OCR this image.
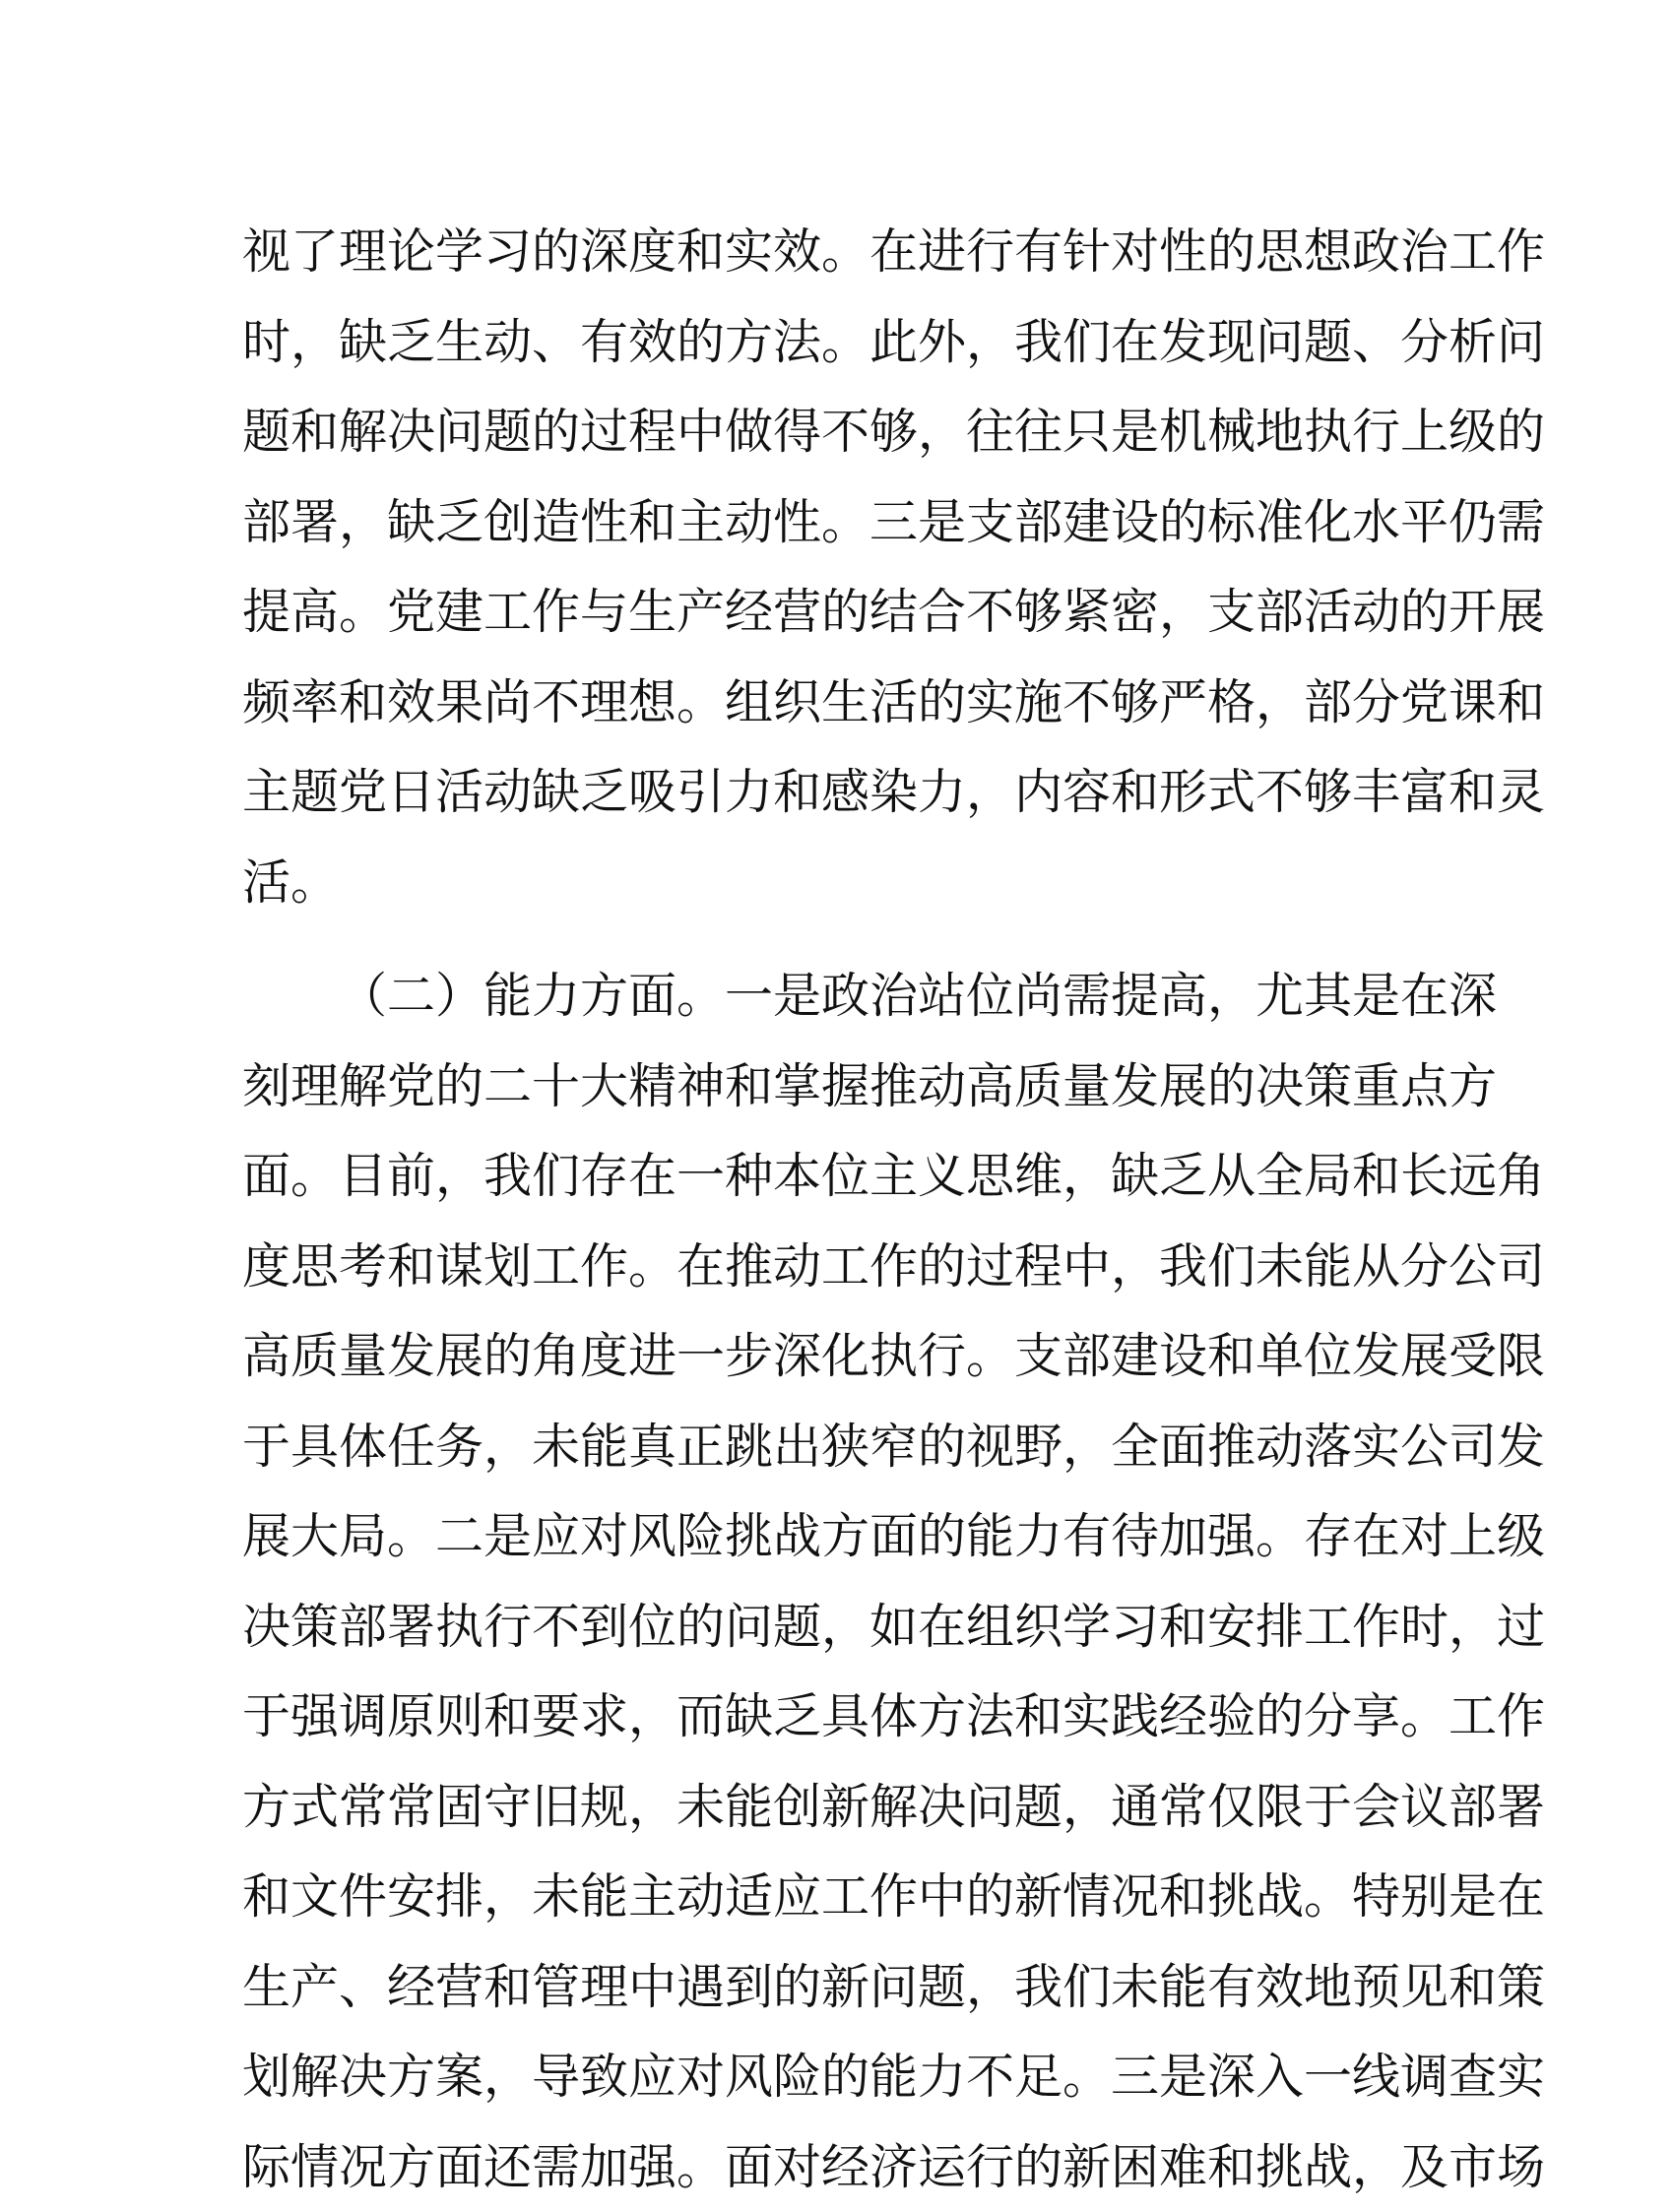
视了理论学习的深度和实效。在进行有针对性的思想政治工作
时，缺乏生动、有效的方法。此外，我们在发现问题、分析问
题和解决问题的过程中做得不够，往往只是机械地执行上级的
部署，缺乏创造性和主动性。三是支部建设的标准化水平仍需
提高。党建工作与生产经营的结合不够紧密，支部活动的开展
频率和效果尚不理想。组织生活的实施不够严格，部分党课和
主题党日活动缺乏吸引力和感染力，内容和形式不够丰富和灵
活。
（二）能力方面。一是政治站位尚需提高，尤其是在深
刻理解党的二十大精神和掌握推动高质量发展的决策重点方
面。目前，我们存在一种本位主义思维，缺乏从全局和长远角
度思考和谋划工作。在推动工作的过程中，我们未能从分公司
高质量发展的角度进一步深化执行。支部建设和单位发展受限
于具体任务，未能真正跳出狭窄的视野，全面推动落实公司发
展大局。二是应对风险挑战方面的能力有待加强。存在对上级
决策部署执行不到位的问题，如在组织学习和安排工作时，过
于强调原则和要求，而缺乏具体方法和实践经验的分享。工作
方式常常固守旧规，未能创新解决问题，通常仅限于会议部署
和文件安排，未能主动适应工作中的新情况和挑战。特别是在
生产、经营和管理中遇到的新问题，我们未能有效地预见和策
划解决方案，导致应对风险的能力不足。三是深入一线调查实
际情况方面还需加强。面对经济运行的新困难和挑战，及市场
